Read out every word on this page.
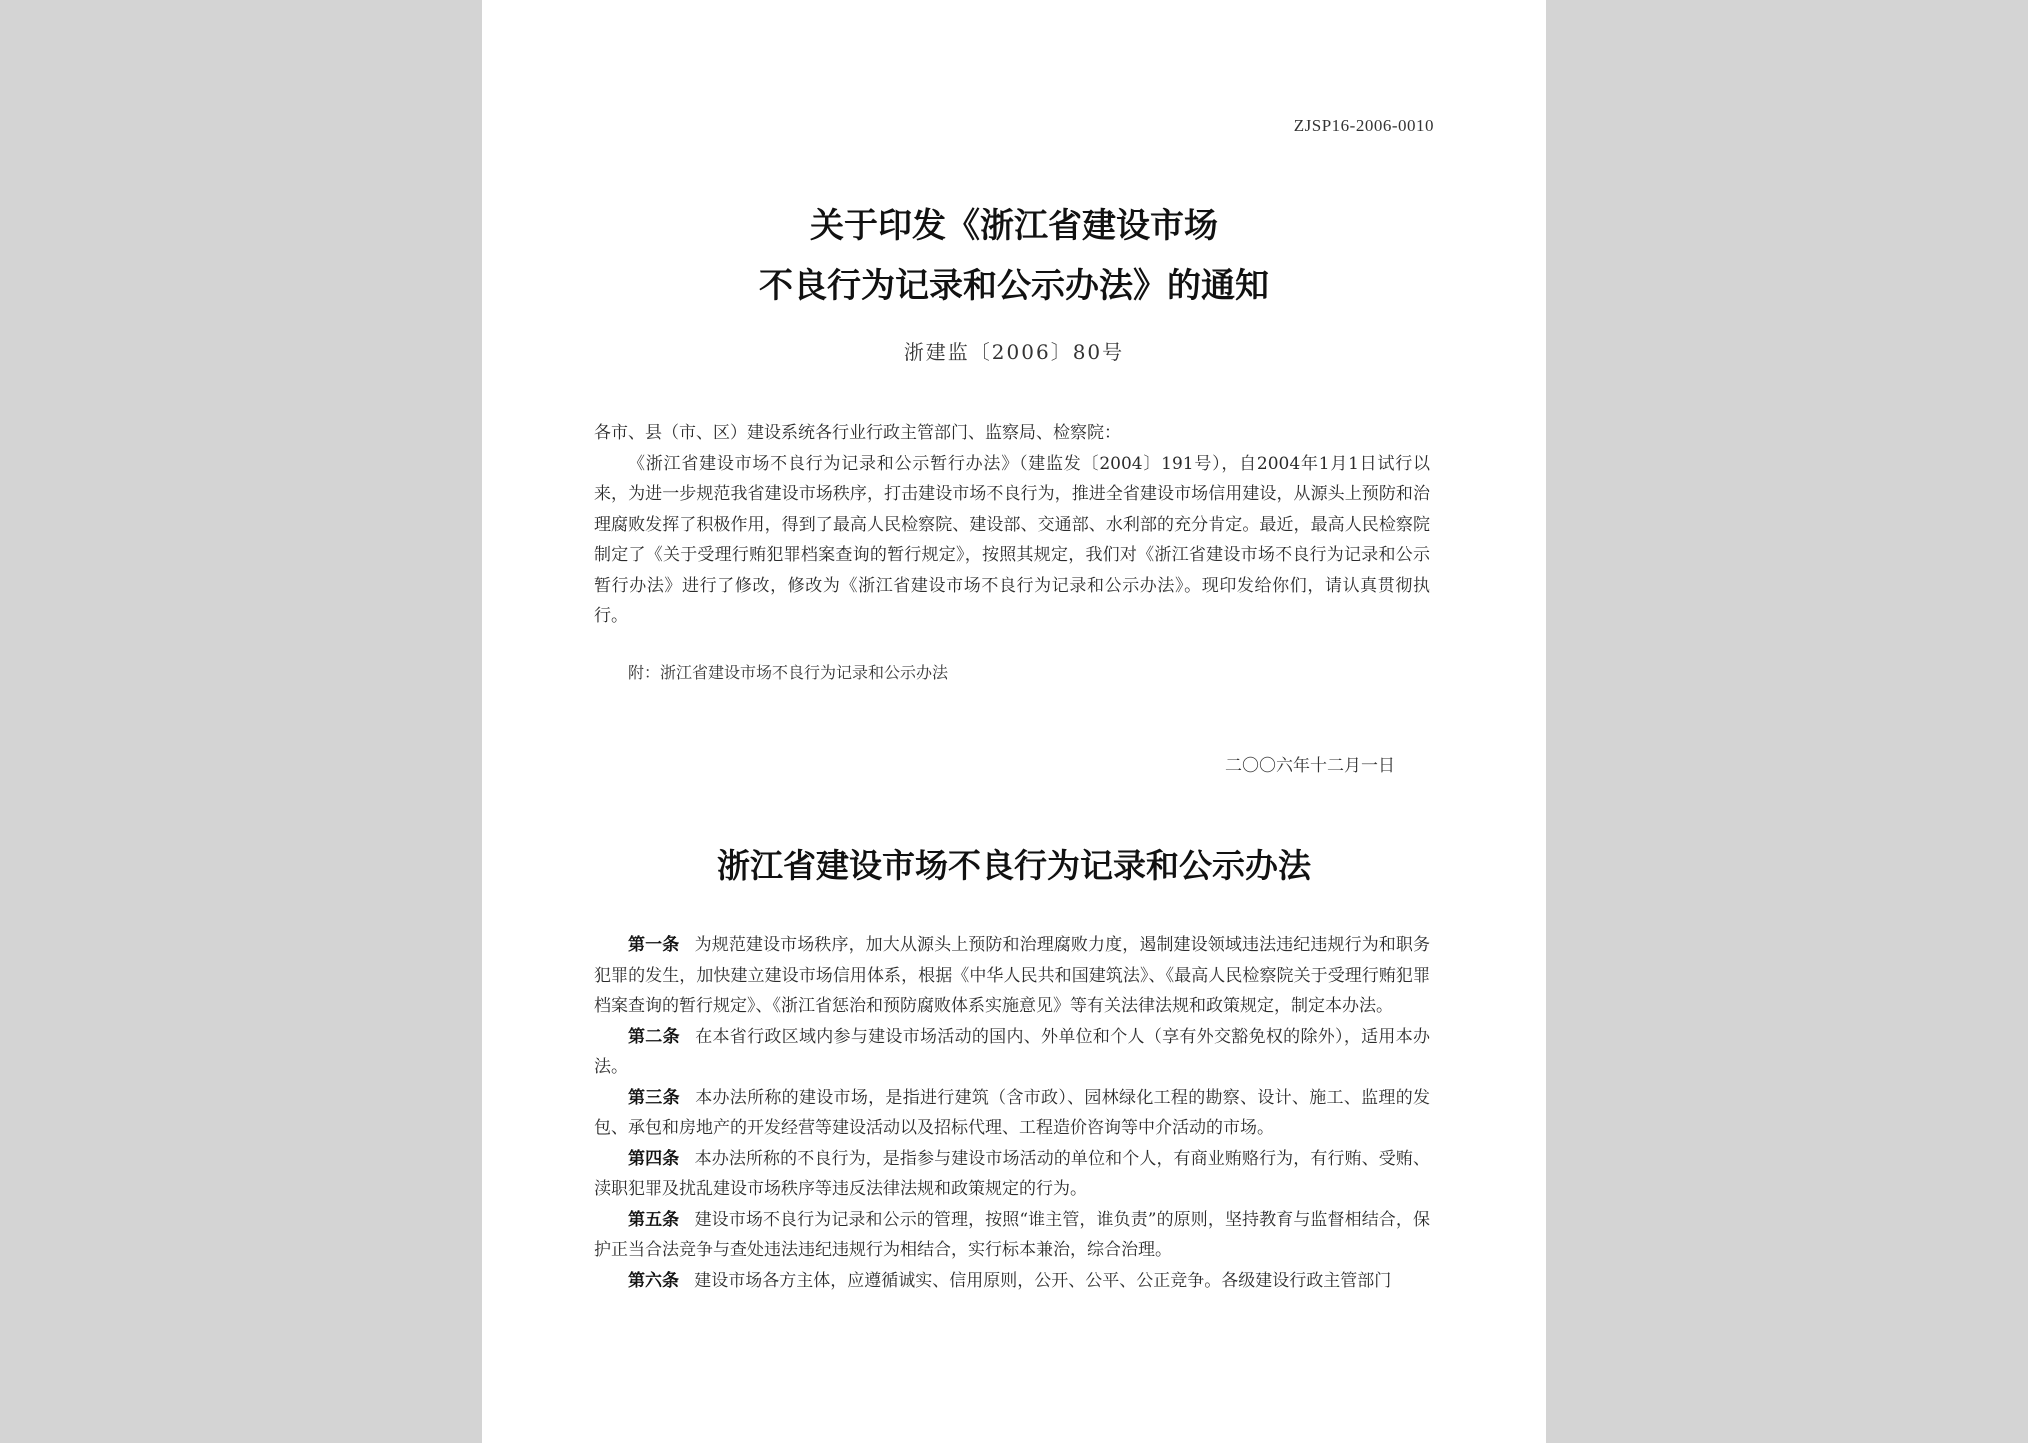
ZJSP16-2006-0010
关于印发《浙江省建设市场
不良行为记录和公示办法》的通知
浙建监〔2006〕80号

各市、县（市、区）建设系统各行业行政主管部门、监察局、检察院：

《浙江省建设市场不良行为记录和公示暂行办法》（建监发〔2004〕191号），自2004年1月1日试行以来，为进一步规范我省建设市场秩序，打击建设市场不良行为，推进全省建设市场信用建设，从源头上预防和治理腐败发挥了积极作用，得到了最高人民检察院、建设部、交通部、水利部的充分肯定。最近，最高人民检察院制定了《关于受理行贿犯罪档案查询的暂行规定》，按照其规定，我们对《浙江省建设市场不良行为记录和公示暂行办法》进行了修改，修改为《浙江省建设市场不良行为记录和公示办法》。现印发给你们，请认真贯彻执行。

附：浙江省建设市场不良行为记录和公示办法
二〇〇六年十二月一日
浙江省建设市场不良行为记录和公示办法

第一条 为规范建设市场秩序，加大从源头上预防和治理腐败力度，遏制建设领域违法违纪违规行为和职务犯罪的发生，加快建立建设市场信用体系，根据《中华人民共和国建筑法》、《最高人民检察院关于受理行贿犯罪档案查询的暂行规定》、《浙江省惩治和预防腐败体系实施意见》等有关法律法规和政策规定，制定本办法。

第二条 在本省行政区域内参与建设市场活动的国内、外单位和个人（享有外交豁免权的除外），适用本办法。

第三条 本办法所称的建设市场，是指进行建筑（含市政）、园林绿化工程的勘察、设计、施工、监理的发包、承包和房地产的开发经营等建设活动以及招标代理、工程造价咨询等中介活动的市场。

第四条 本办法所称的不良行为，是指参与建设市场活动的单位和个人，有商业贿赂行为，有行贿、受贿、渎职犯罪及扰乱建设市场秩序等违反法律法规和政策规定的行为。

第五条 建设市场不良行为记录和公示的管理，按照“谁主管，谁负责”的原则，坚持教育与监督相结合，保护正当合法竞争与查处违法违纪违规行为相结合，实行标本兼治，综合治理。

第六条 建设市场各方主体，应遵循诚实、信用原则，公开、公平、公正竞争。各级建设行政主管部门
